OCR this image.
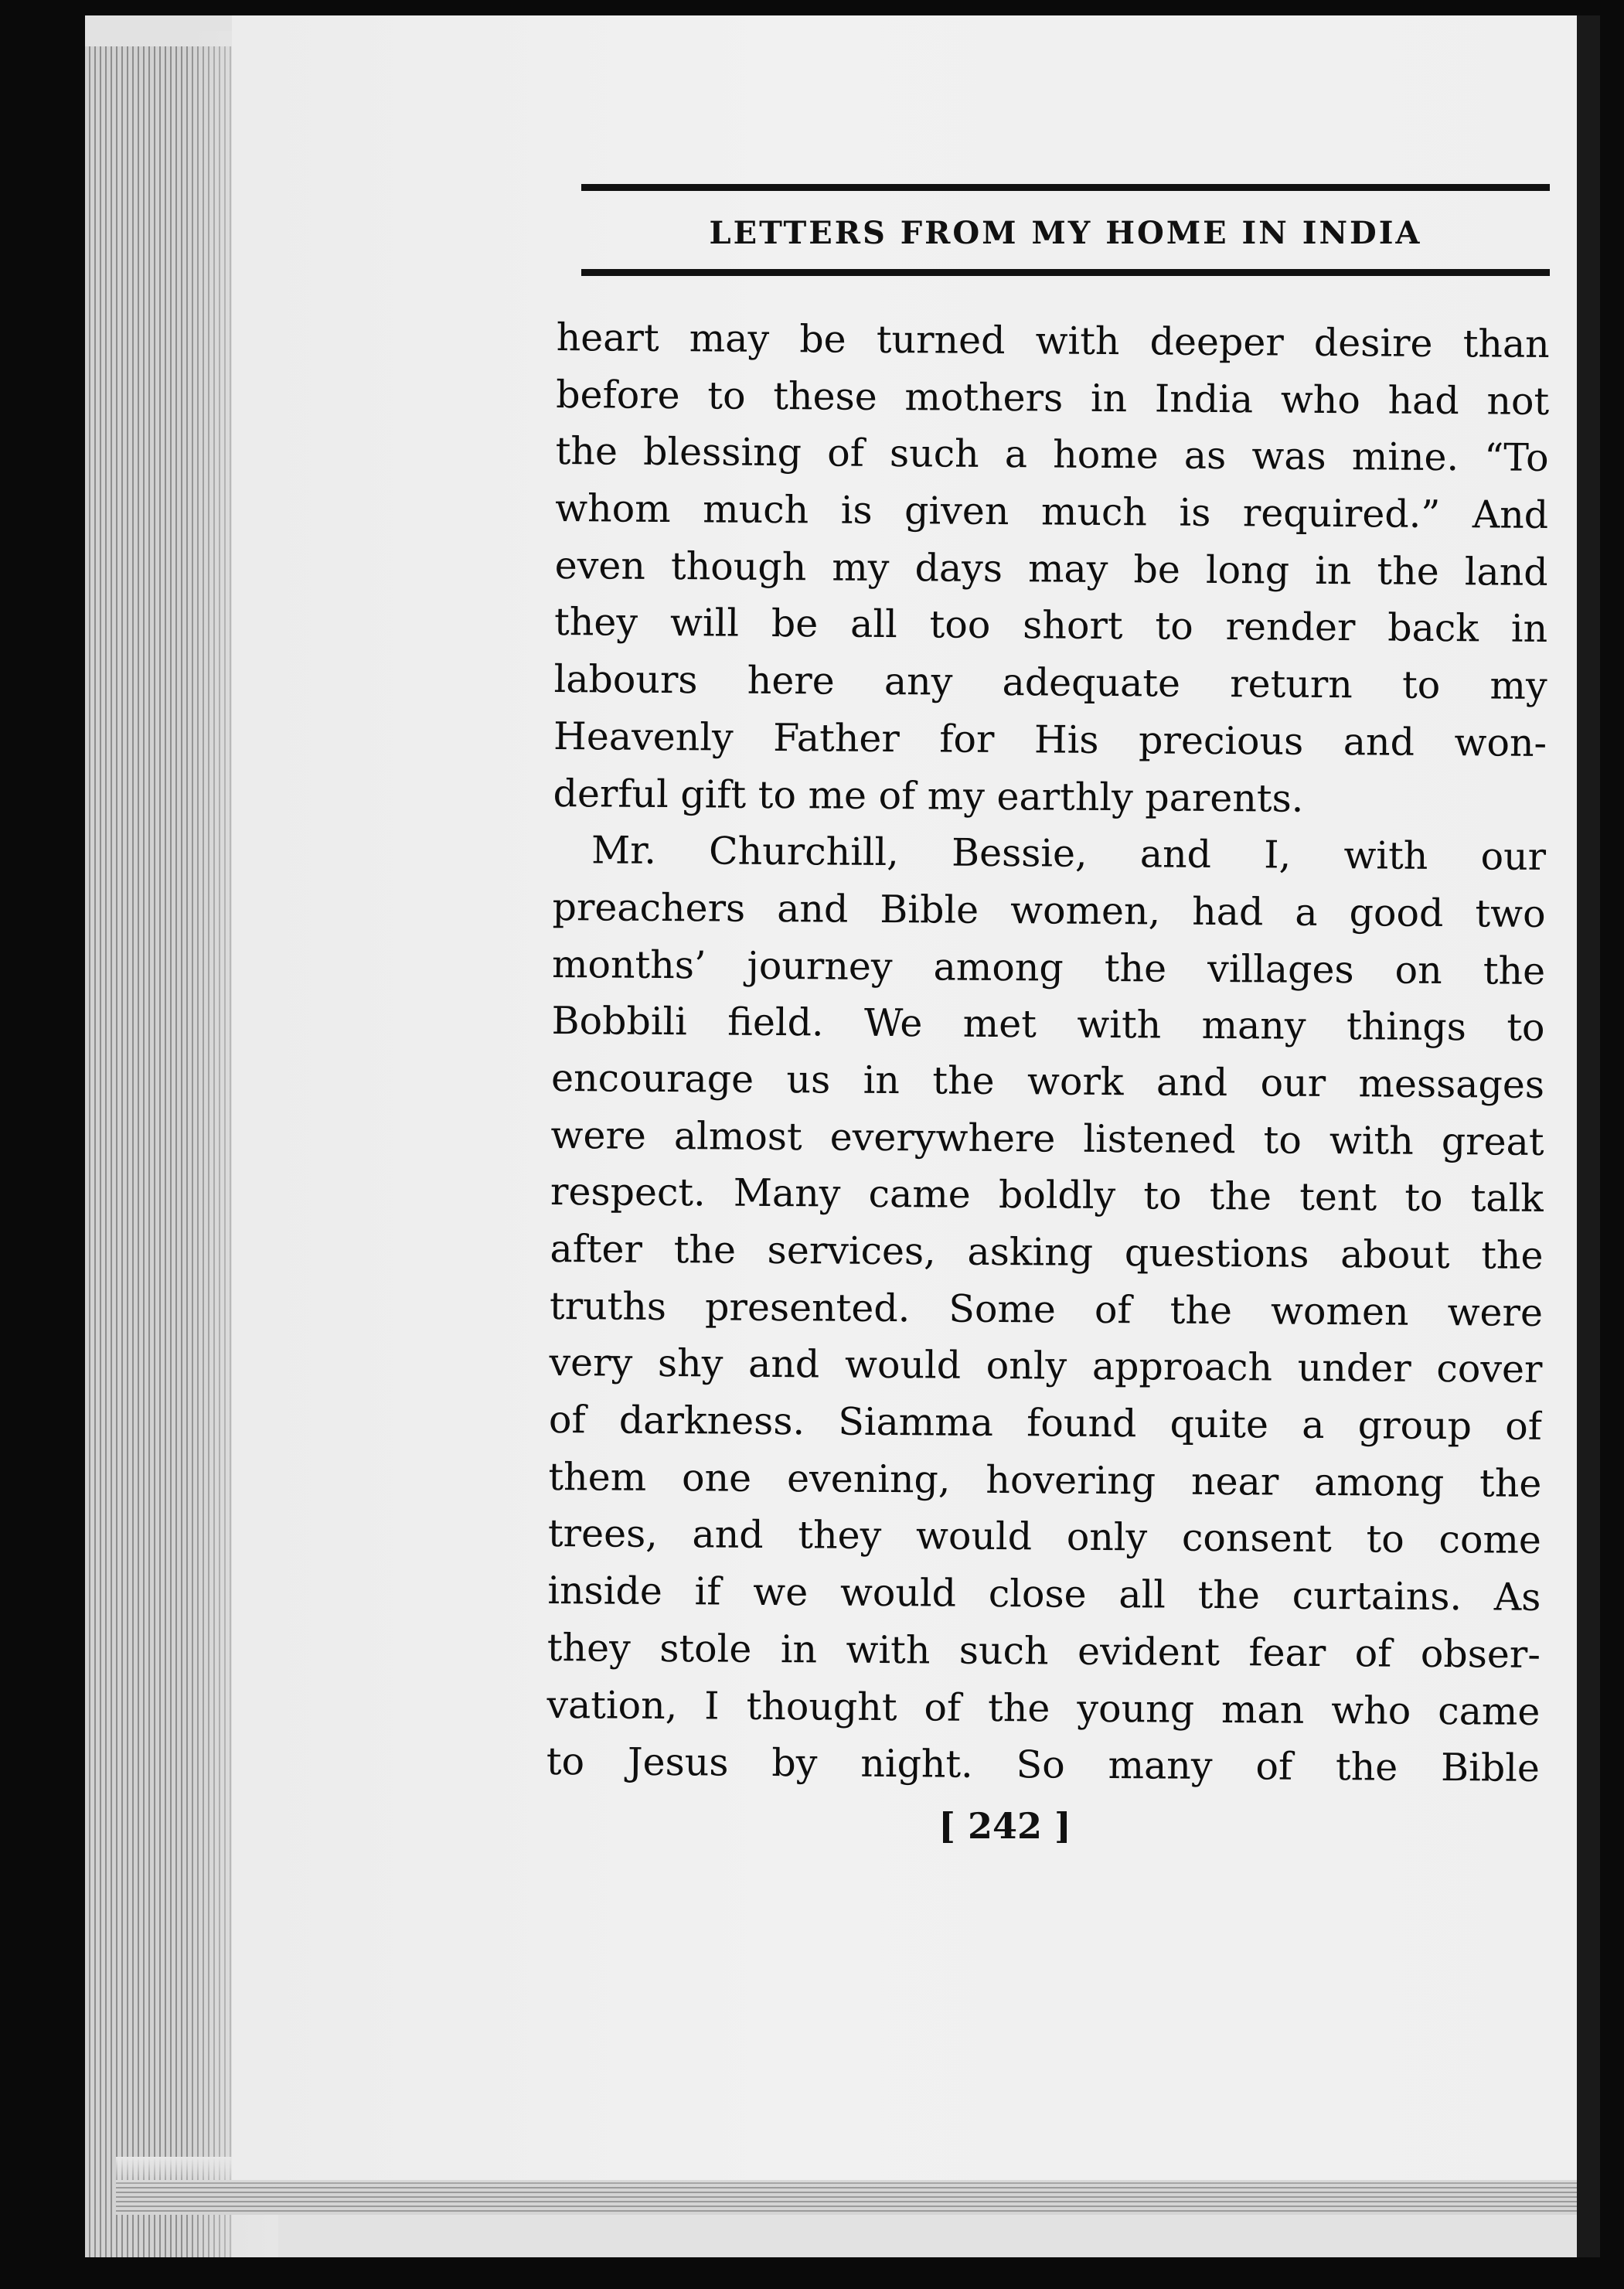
LETTERS FROM MY HOME IN INDIA
heart may be turned with deeper desire than
before to these mothers in India who had not
the blessing of such a home as was mine. “To
whom much is given much is required.” And
even though my days may be long in the land
they will be all too short to render back in
labours here any adequate return to my
Heavenly Father for His precious and won-
derful gift to me of my earthly parents.
Mr. Churchill, Bessie, and I, with our
preachers and Bible women, had a good two
months’ journey among the villages on the
Bobbili field. We met with many things to
encourage us in the work and our messages
were almost everywhere listened to with great
respect. Many came boldly to the tent to talk
after the services, asking questions about the
truths presented. Some of the women were
very shy and would only approach under cover
of darkness. Siamma found quite a group of
them one evening, hovering near among the
trees, and they would only consent to come
inside if we would close all the curtains. As
they stole in with such evident fear of obser-
vation, I thought of the young man who came
to Jesus by night. So many of the Bible
[ 242 ]
